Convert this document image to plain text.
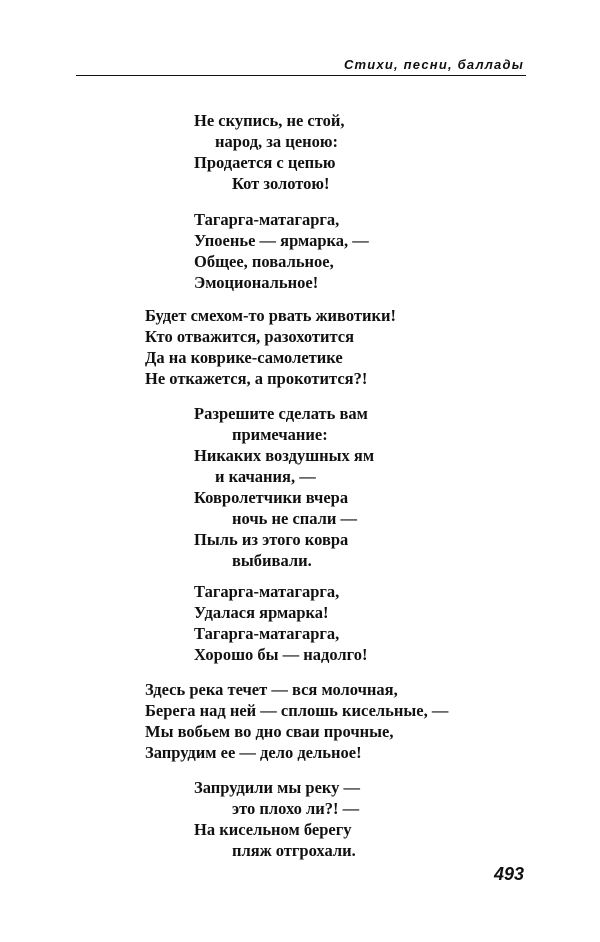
Стихи, песни, баллады
Не скупись, не стой,
народ, за ценою:
Продается с цепью
Кот золотою!
Тагарга-матагарга,
Упоенье — ярмарка, —
Общее, повальное,
Эмоциональное!
Будет смехом-то рвать животики!
Кто отважится, разохотится
Да на коврике-самолетике
Не откажется, а прокотится?!
Разрешите сделать вам
примечание:
Никаких воздушных ям
и качания, —
Ковролетчики вчера
ночь не спали —
Пыль из этого ковра
выбивали.
Тагарга-матагарга,
Удалася ярмарка!
Тагарга-матагарга,
Хорошо бы — надолго!
Здесь река течет — вся молочная,
Берега над ней — сплошь кисельные, —
Мы вобьем во дно сваи прочные,
Запрудим ее — дело дельное!
Запрудили мы реку —
это плохо ли?! —
На кисельном берегу
пляж отгрохали.
493
